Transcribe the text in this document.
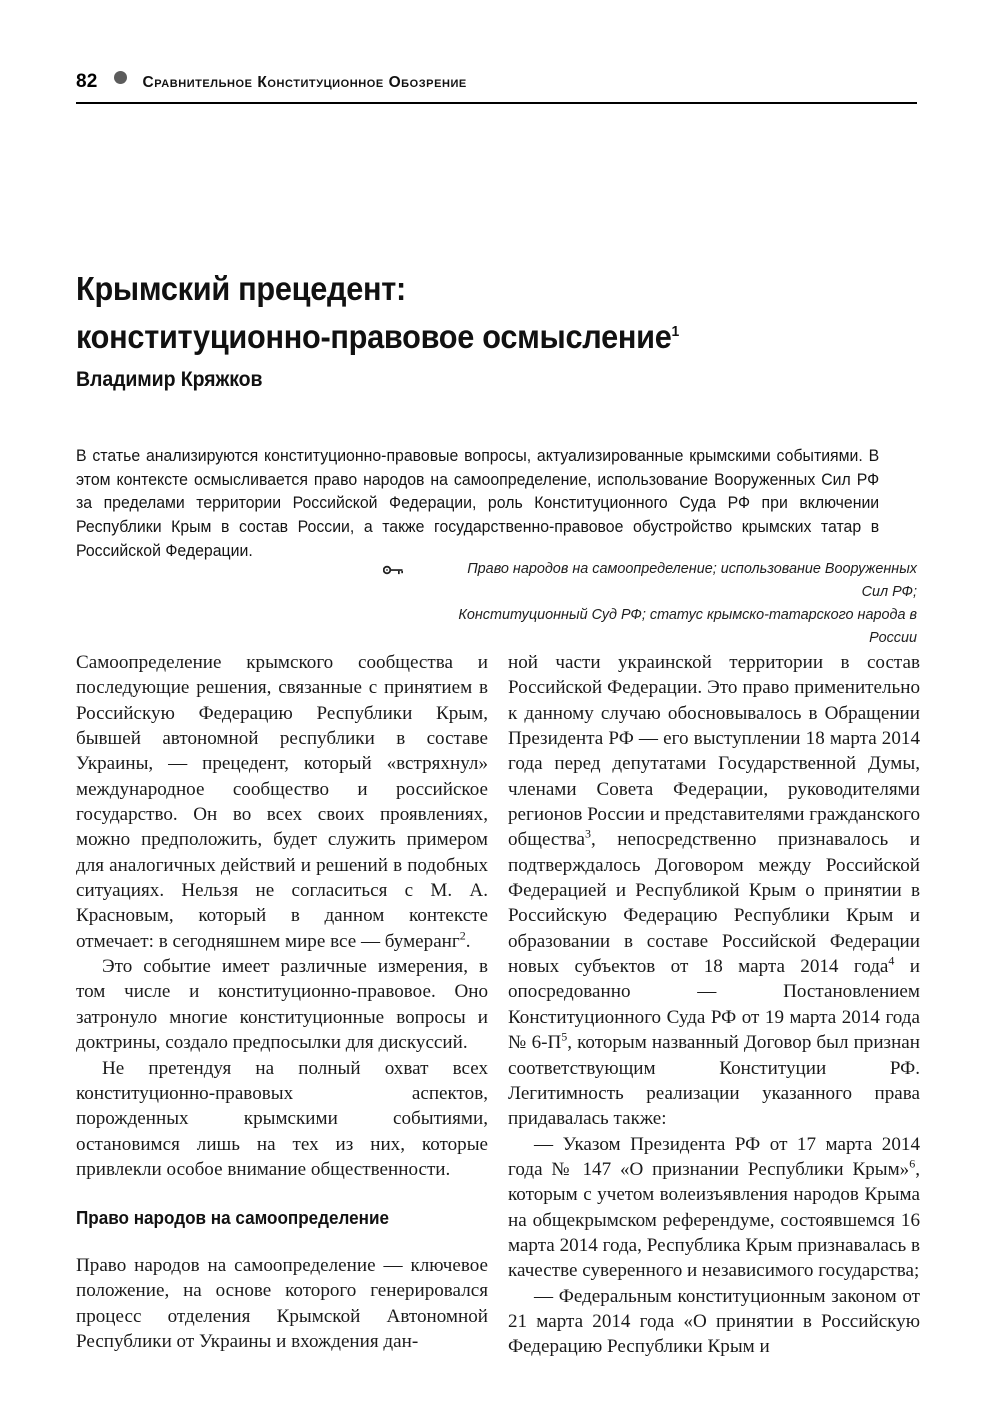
82	Сравнительное Конституционное Обозрение
Крымский прецедент:
конституционно-правовое осмысление$^1$
Владимир Кряжков
В статье анализируются конституционно-правовые вопросы, актуализированные крымскими событиями. В этом контексте осмысливается право народов на самоопределение, использование Вооруженных Сил РФ за пределами территории Российской Федерации, роль Конституционного Суда РФ при включении Республики Крым в состав России, а также государственно-правовое обустройство крымских татар в Российской Федерации.
Право народов на самоопределение; использование Вооруженных Сил РФ;
Конституционный Суд РФ; статус крымско-татарского народа в России

Самоопределение крымского сообщества и последующие решения, связанные с принятием в Российскую Федерацию Республики Крым, бывшей автономной республики в составе Украины, — прецедент, который «встряхнул» международное сообщество и российское государство. Он во всех своих проявлениях, можно предположить, будет служить примером для аналогичных действий и решений в подобных ситуациях. Нельзя не согласиться с М. А. Красновым, который в данном контексте отмечает: в сегодняшнем мире все — бумеранг$^2$.

Это событие имеет различные измерения, в том числе и конституционно-правовое. Оно затронуло многие конституционные вопросы и доктрины, создало предпосылки для дискуссий.

Не претендуя на полный охват всех конституционно-правовых аспектов, порожденных крымскими событиями, остановимся лишь на тех из них, которые привлекли особое внимание общественности.

Право народов на самоопределение

Право народов на самоопределение — ключевое положение, на основе которого генерировался процесс отделения Крымской Автономной Республики от Украины и вхождения дан-

ной части украинской территории в состав Российской Федерации. Это право применительно к данному случаю обосновывалось в Обращении Президента РФ — его выступлении 18 марта 2014 года перед депутатами Государственной Думы, членами Совета Федерации, руководителями регионов России и представителями гражданского общества$^3$, непосредственно признавалось и подтверждалось Договором между Российской Федерацией и Республикой Крым о принятии в Российскую Федерацию Республики Крым и образовании в составе Российской Федерации новых субъектов от 18 марта 2014 года$^4$ и опосредованно — Постановлением Конституционного Суда РФ от 19 марта 2014 года № $6-П^5$, которым названный Договор был признан соответствующим Конституции РФ. Легитимность реализации указанного права придавалась также:

— Указом Президента РФ от 17 марта 2014 года № 147 «О признании Республики Крым»$^6$, которым с учетом волеизъявления народов Крыма на общекрымском референдуме, состоявшемся 16 марта 2014 года, Республика Крым признавалась в качестве суверенного и независимого государства;

— Федеральным конституционным законом от 21 марта 2014 года «О принятии в Российскую Федерацию Республики Крым и
